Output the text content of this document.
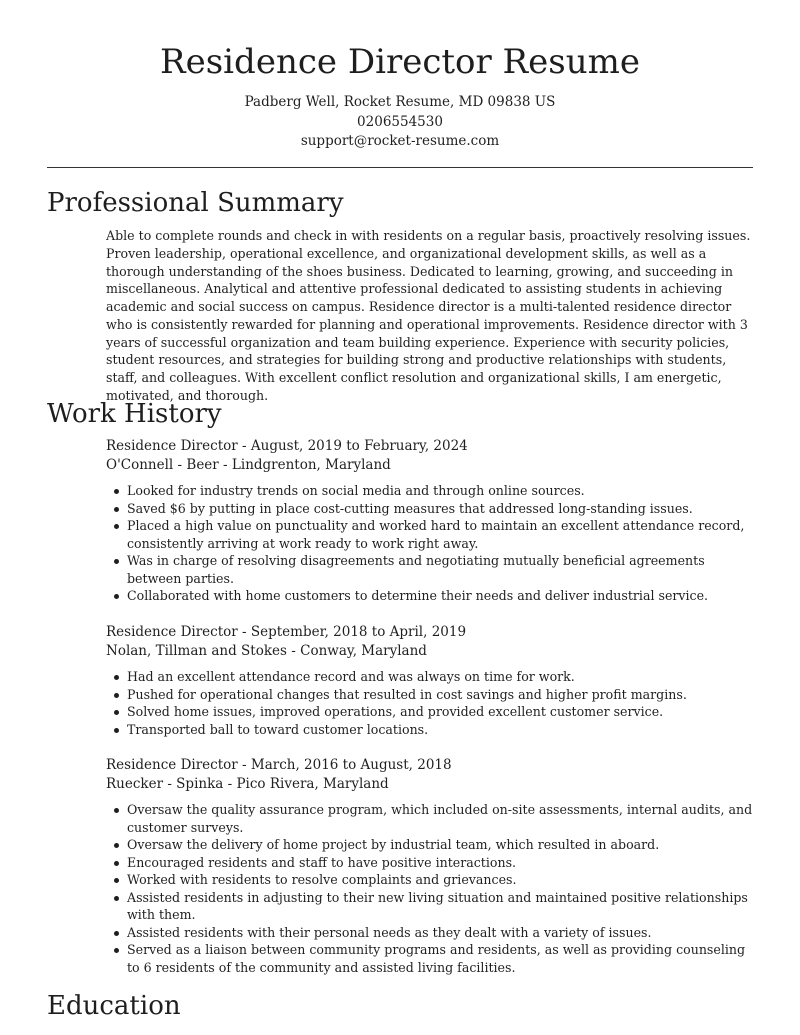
Residence Director Resume
Padberg Well, Rocket Resume, MD 09838 US
0206554530
support@rocket-resume.com
Professional Summary

Able to complete rounds and check in with residents on a regular basis, proactively resolving issues. Proven leadership, operational excellence, and organizational development skills, as well as a thorough understanding of the shoes business. Dedicated to learning, growing, and succeeding in miscellaneous. Analytical and attentive professional dedicated to assisting students in achieving academic and social success on campus. Residence director is a multi-talented residence director who is consistently rewarded for planning and operational improvements. Residence director with 3 years of successful organization and team building experience. Experience with security policies, student resources, and strategies for building strong and productive relationships with students, staff, and colleagues. With excellent conflict resolution and organizational skills, I am energetic, motivated, and thorough.

Work History
Residence Director - August, 2019 to February, 2024
O'Connell - Beer - Lindgrenton, Maryland
Looked for industry trends on social media and through online sources.
Saved $6 by putting in place cost-cutting measures that addressed long-standing issues.
Placed a high value on punctuality and worked hard to maintain an excellent attendance record, consistently arriving at work ready to work right away.
Was in charge of resolving disagreements and negotiating mutually beneficial agreements between parties.
Collaborated with home customers to determine their needs and deliver industrial service.
Residence Director - September, 2018 to April, 2019
Nolan, Tillman and Stokes - Conway, Maryland
Had an excellent attendance record and was always on time for work.
Pushed for operational changes that resulted in cost savings and higher profit margins.
Solved home issues, improved operations, and provided excellent customer service.
Transported ball to toward customer locations.
Residence Director - March, 2016 to August, 2018
Ruecker - Spinka - Pico Rivera, Maryland
Oversaw the quality assurance program, which included on-site assessments, internal audits, and customer surveys.
Oversaw the delivery of home project by industrial team, which resulted in aboard.
Encouraged residents and staff to have positive interactions.
Worked with residents to resolve complaints and grievances.
Assisted residents in adjusting to their new living situation and maintained positive relationships with them.
Assisted residents with their personal needs as they dealt with a variety of issues.
Served as a liaison between community programs and residents, as well as providing counseling to 6 residents of the community and assisted living facilities.
Education
